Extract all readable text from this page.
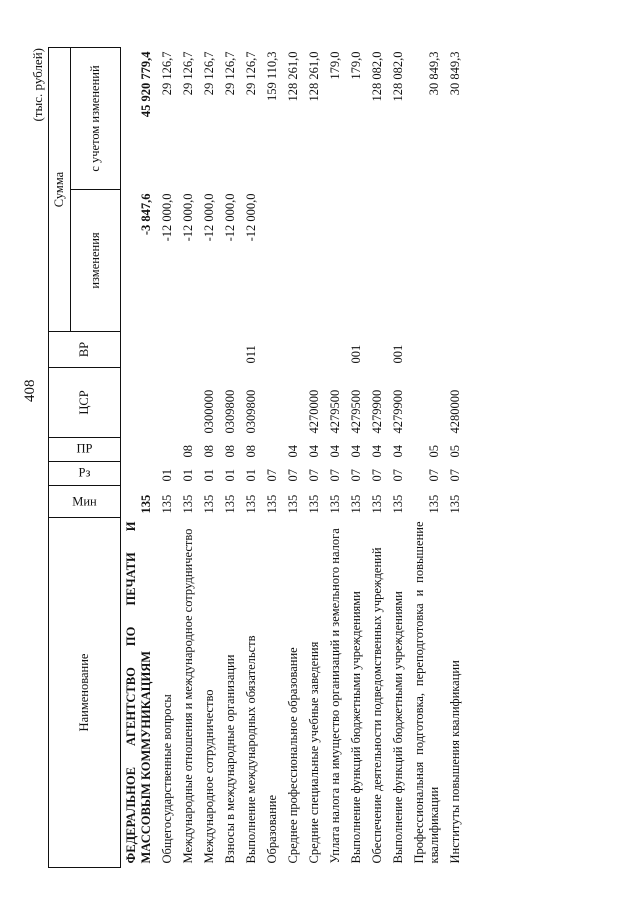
408
(тыс. рублей)
Наименование	Мин	Рз	ПР	ЦСР	ВР	Сумма	
						изменения	с учетом изменений
ФЕДЕРАЛЬНОЕ АГЕНТСТВО ПО ПЕЧАТИ И МАССОВЫМ КОММУНИКАЦИЯМ	135					-3 847,6	45 920 779,4
Общегосударственные вопросы	135	01				-12 000,0	29 126,7
Международные отношения и международное сотрудничество	135	01	08			-12 000,0	29 126,7
Международное сотрудничество	135	01	08	0300000		-12 000,0	29 126,7
Взносы в международные организации	135	01	08	0309800		-12 000,0	29 126,7
Выполнение международных обязательств	135	01	08	0309800	011	-12 000,0	29 126,7
Образование	135	07					159 110,3
Среднее профессиональное образование	135	07	04				128 261,0
Средние специальные учебные заведения	135	07	04	4270000			128 261,0
Уплата налога на имущество организаций и земельного налога	135	07	04	4279500			179,0
Выполнение функций бюджетными учреждениями	135	07	04	4279500	001		179,0
Обеспечение деятельности подведомственных учреждений	135	07	04	4279900			128 082,0
Выполнение функций бюджетными учреждениями	135	07	04	4279900	001		128 082,0
Профессиональная подготовка, переподготовка и повышение квалификации	135	07	05				30 849,3
Институты повышения квалификации	135	07	05	4280000			30 849,3
